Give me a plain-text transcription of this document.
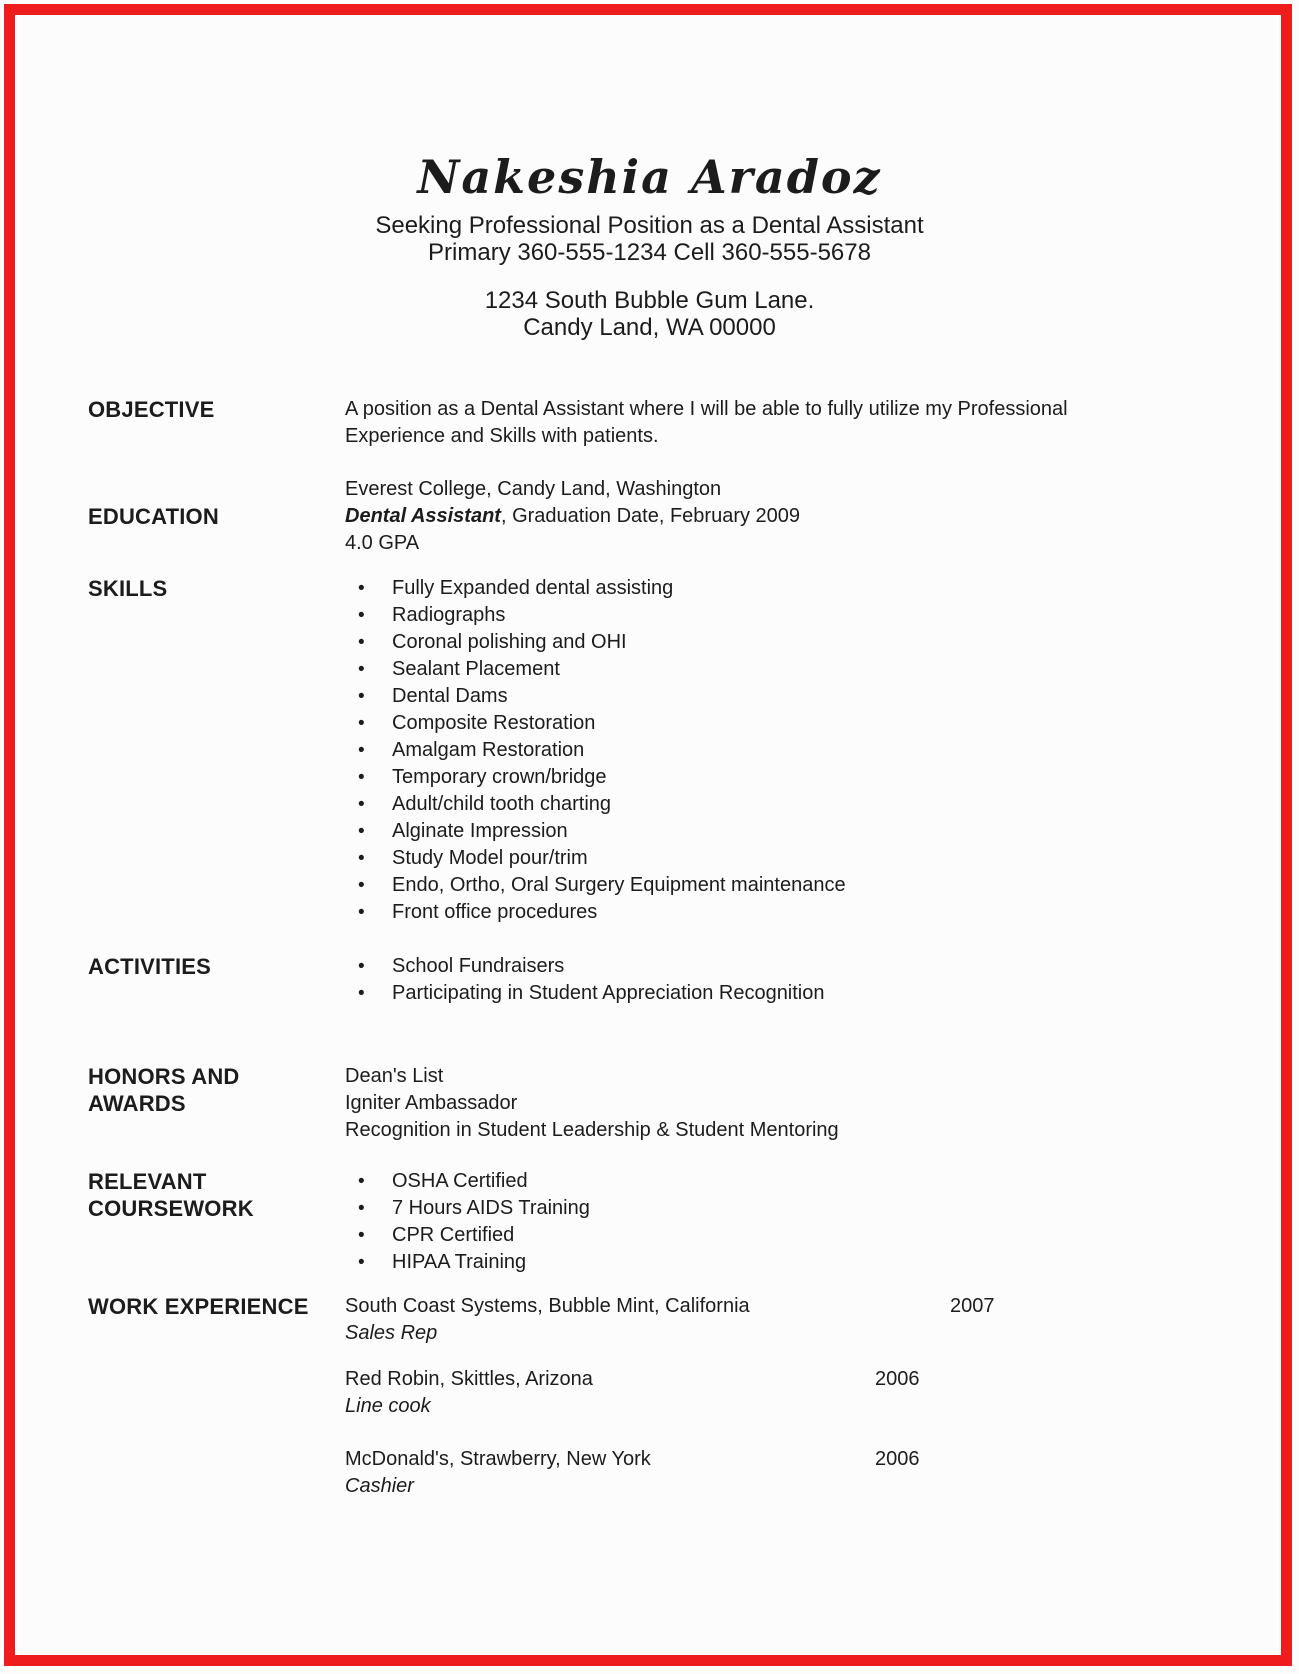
Nakeshia Aradoz
Seeking Professional Position as a Dental Assistant
Primary 360-555-1234 Cell 360-555-5678
1234 South Bubble Gum Lane.
Candy Land, WA 00000
OBJECTIVE	A position as a Dental Assistant where I will be able to fully utilize my Professional Experience and Skills with patients.
EDUCATION
Everest College, Candy Land, Washington
Dental Assistant, Graduation Date, February 2009
4.0 GPA
SKILLS	• Fully Expanded dental assisting
• Radiographs
• Coronal polishing and OHI
• Sealant Placement
• Dental Dams
• Composite Restoration
• Amalgam Restoration
• Temporary crown/bridge
• Adult/child tooth charting
• Alginate Impression
• Study Model pour/trim
• Endo, Ortho, Oral Surgery Equipment maintenance
• Front office procedures
ACTIVITIES	• School Fundraisers
• Participating in Student Appreciation Recognition
HONORS AND
AWARDS
Dean's List
Igniter Ambassador
Recognition in Student Leadership & Student Mentoring
RELEVANT
COURSEWORK
• OSHA Certified
• 7 Hours AIDS Training
• CPR Certified
• HIPAA Training
WORK EXPERIENCE	South Coast Systems, Bubble Mint, California	2007
Sales Rep
Red Robin, Skittles, Arizona	2006
Line cook
McDonald's, Strawberry, New York	2006
Cashier
